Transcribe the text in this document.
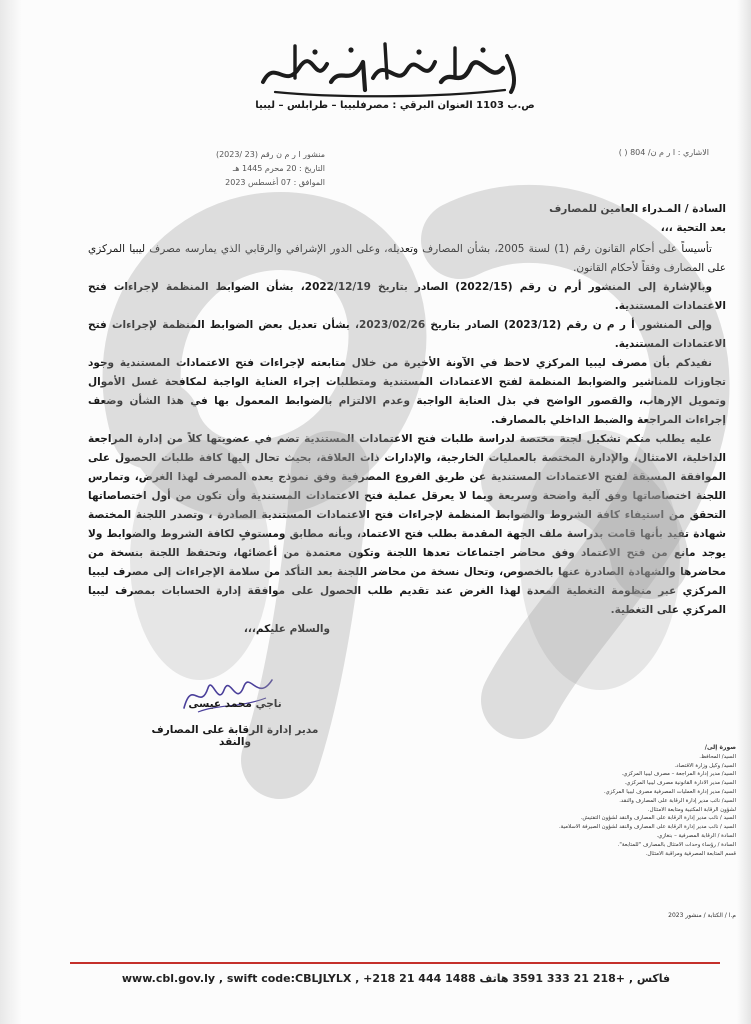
ص.ب 1103 العنوان البرقي : مصرفلبيبا – طرابلس – ليبيا
منشور ا ر م ن رقم (23 /2023)
التاريخ : 20 محرم 1445 هـ
الموافق : 07 أغسطس 2023
الاشاري : ا ر م ن/ 804 ( )

السادة / المـدراء العامين للمصارف

بعد التحية ،،،

تأسيساً على أحكام القانون رقم (1) لسنة 2005، بشأن المصارف وتعديله، وعلى الدور الإشرافي والرقابي الذي يمارسه مصرف ليبيا المركزي على المصارف وفقاً لأحكام القانون.

وبالإشارة إلى المنشور أرم ن رقم (2022/15) الصادر بتاريخ 2022/12/19، بشأن الضوابط المنظمة لإجراءات فتح الاعتمادات المستندية.

وإلى المنشور أ ر م ن رقم (2023/12) الصادر بتاريخ 2023/02/26، بشأن تعديل بعض الضوابط المنظمة لإجراءات فتح الاعتمادات المستندية.

نفيدكم بأن مصرف ليبيا المركزي لاحظ في الآونة الأخيرة من خلال متابعته لإجراءات فتح الاعتمادات المستندية وجود تجاوزات للمناشير والضوابط المنظمة لفتح الاعتمادات المستندية ومتطلبات إجراء العناية الواجبة لمكافحة غسل الأموال وتمويل الإرهاب، والقصور الواضح في بذل العناية الواجبة وعدم الالتزام بالضوابط المعمول بها في هذا الشأن وضعف إجراءات المراجعة والضبط الداخلي بالمصارف.

عليه يطلب منكم تشكيل لجنة مختصة لدراسة طلبات فتح الاعتمادات المستندية تضم في عضويتها كلاً من إدارة المراجعة الداخلية، الامتثال، والإدارة المختصة بالعمليات الخارجية، والإدارات ذات العلاقة، بحيث تحال إليها كافة طلبات الحصول على الموافقة المسبقة لفتح الاعتمادات المستندية عن طريق الفروع المصرفية وفق نموذج يعده المصرف لهذا الغرض، وتمارس اللجنة اختصاصاتها وفق آلية واضحة وسريعة وبما لا يعرقل عملية فتح الاعتمادات المستندية وأن تكون من أول اختصاصاتها التحقق من استيفاء كافة الشروط والضوابط المنظمة لإجراءات فتح الاعتمادات المستندية الصادرة ، وتصدر اللجنة المختصة شهادة تفيد بأنها قامت بدراسة ملف الجهة المقدمة بطلب فتح الاعتماد، وبأنه مطابق ومستوفٍ لكافة الشروط والضوابط ولا يوجد مانع من فتح الاعتماد وفق محاضر اجتماعات تعدها اللجنة وتكون معتمدة من أعضائها، وتحتفظ اللجنة بنسخة من محاضرها والشهادة الصادرة عنها بالخصوص، وتحال نسخة من محاضر اللجنة بعد التأكد من سلامة الإجراءات إلى مصرف ليبيا المركزي عبر منظومة التغطية المعدة لهذا الغرض عند تقديم طلب الحصول على موافقة إدارة الحسابات بمصرف ليبيا المركزي على التغطية.

والسلام عليكم،،،

ناجي محمد عيسى
مدير إدارة الرقابة على المصارف والنقد	صورة إلى/
السيد/ المحافظ.
السيد/ وكيل وزارة الاقتصاد.
السيد/ مدير إدارة المراجعة – مصرف ليبيا المركزي.
السيد/ مدير الادارة القانونية مصرف ليبيا المركزي.
السيد/ مدير إدارة العمليات المصرفية مصرف ليبيا المركزي.
السيد/ نائب مدير إدارة الرقابة على المصارف والنقد.
لشؤون الرقابة المكتبية ومتابعة الامتثال.
السيد / نائب مدير إدارة الرقابة على المصارف والنقد لشؤون التفتيش.
السيد / نائب مدير إدارة الرقابة على المصارف والنقد لشؤون الصيرفة الاسلامية.
السادة / الرقابة المصرفية – بنغازي.
السادة / رؤساء وحدات الامتثال بالمصارف "للمتابعة".
قسم المتابعة المصرفية ومراقبة الامتثال.
م.ا / الكتابة / منشور 2023
www.cbl.gov.ly , swift code:CBLJLYLX , +218 21 444 1488 فاكس , +218 21 333 3591 هاتف
